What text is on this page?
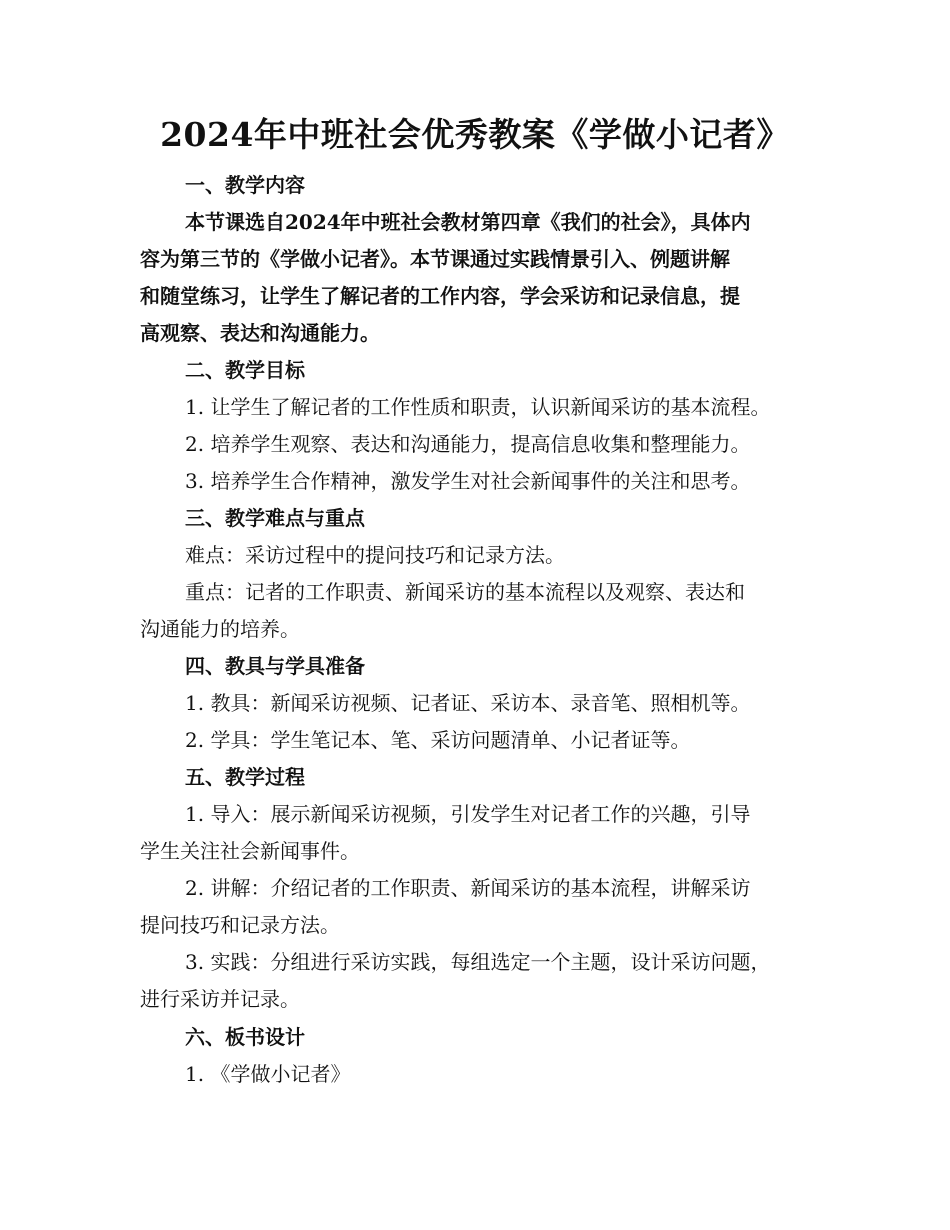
2024年中班社会优秀教案《学做小记者》
一、教学内容
本节课选自2024年中班社会教材第四章《我们的社会》，具体内
容为第三节的《学做小记者》。本节课通过实践情景引入、例题讲解
和随堂练习，让学生了解记者的工作内容，学会采访和记录信息，提
高观察、表达和沟通能力。
二、教学目标
1. 让学生了解记者的工作性质和职责，认识新闻采访的基本流程。
2. 培养学生观察、表达和沟通能力，提高信息收集和整理能力。
3. 培养学生合作精神，激发学生对社会新闻事件的关注和思考。
三、教学难点与重点
难点：采访过程中的提问技巧和记录方法。
重点：记者的工作职责、新闻采访的基本流程以及观察、表达和
沟通能力的培养。
四、教具与学具准备
1. 教具：新闻采访视频、记者证、采访本、录音笔、照相机等。
2. 学具：学生笔记本、笔、采访问题清单、小记者证等。
五、教学过程
1. 导入：展示新闻采访视频，引发学生对记者工作的兴趣，引导
学生关注社会新闻事件。
2. 讲解：介绍记者的工作职责、新闻采访的基本流程，讲解采访
提问技巧和记录方法。
3. 实践：分组进行采访实践，每组选定一个主题，设计采访问题，
进行采访并记录。
六、板书设计
1. 《学做小记者》
